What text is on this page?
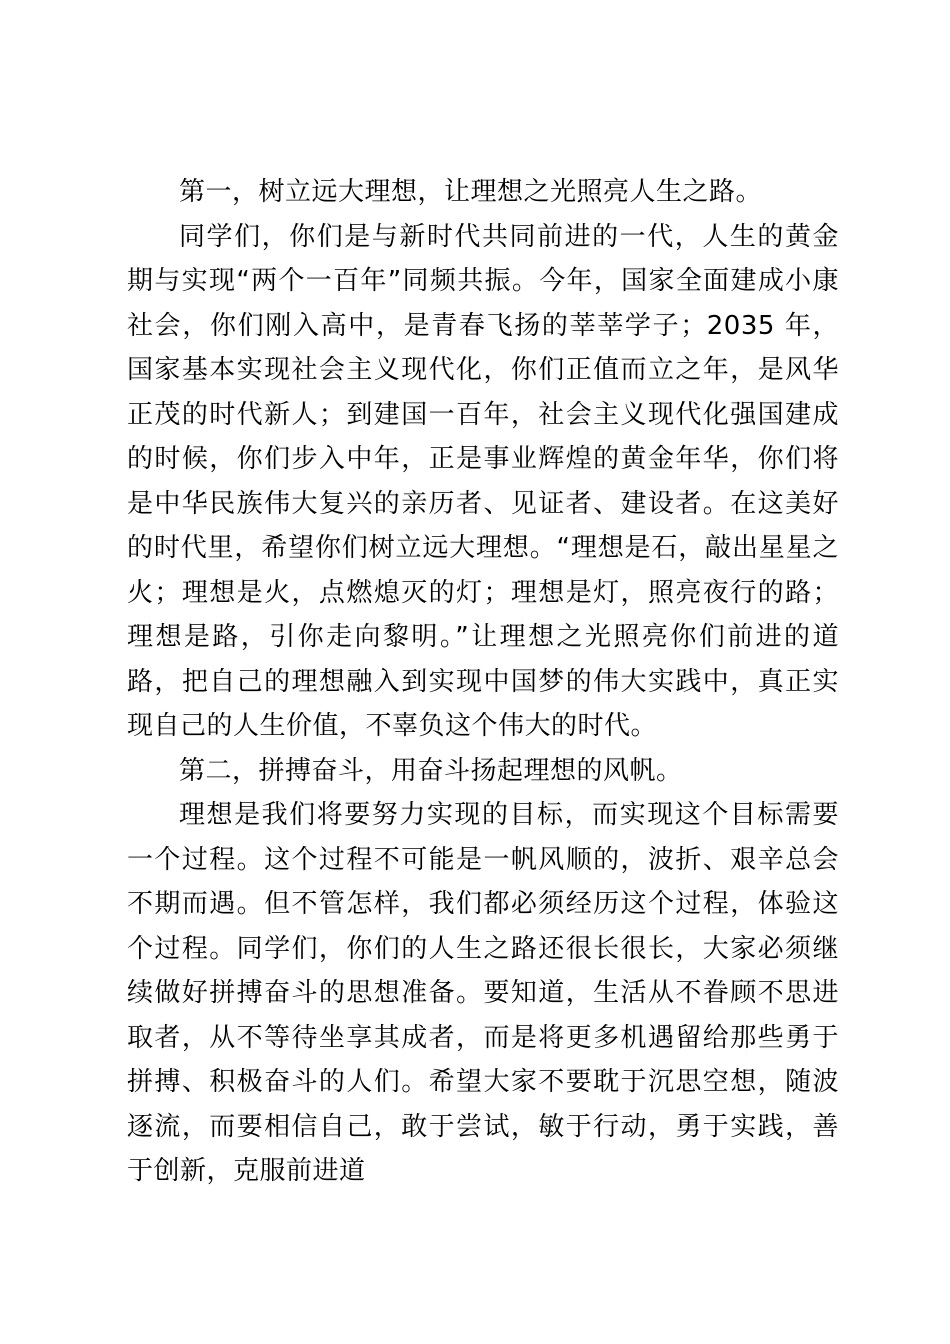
第一，树立远大理想，让理想之光照亮人生之路。

同学们，你们是与新时代共同前进的一代，人生的黄金期与实现“两个一百年”同频共振。今年，国家全面建成小康社会，你们刚入高中，是青春飞扬的莘莘学子；2035 年，国家基本实现社会主义现代化，你们正值而立之年，是风华正茂的时代新人；到建国一百年，社会主义现代化强国建成的时候，你们步入中年，正是事业辉煌的黄金年华，你们将是中华民族伟大复兴的亲历者、见证者、建设者。在这美好的时代里，希望你们树立远大理想。“理想是石，敲出星星之火；理想是火，点燃熄灭的灯；理想是灯，照亮夜行的路；理想是路，引你走向黎明。”让理想之光照亮你们前进的道路，把自己的理想融入到实现中国梦的伟大实践中，真正实现自己的人生价值，不辜负这个伟大的时代。

第二，拼搏奋斗，用奋斗扬起理想的风帆。

理想是我们将要努力实现的目标，而实现这个目标需要一个过程。这个过程不可能是一帆风顺的，波折、艰辛总会不期而遇。但不管怎样，我们都必须经历这个过程，体验这个过程。同学们，你们的人生之路还很长很长，大家必须继续做好拼搏奋斗的思想准备。要知道，生活从不眷顾不思进取者，从不等待坐享其成者，而是将更多机遇留给那些勇于拼搏、积极奋斗的人们。希望大家不要耽于沉思空想，随波逐流，而要相信自己，敢于尝试，敏于行动，勇于实践，善于创新，克服前进道
